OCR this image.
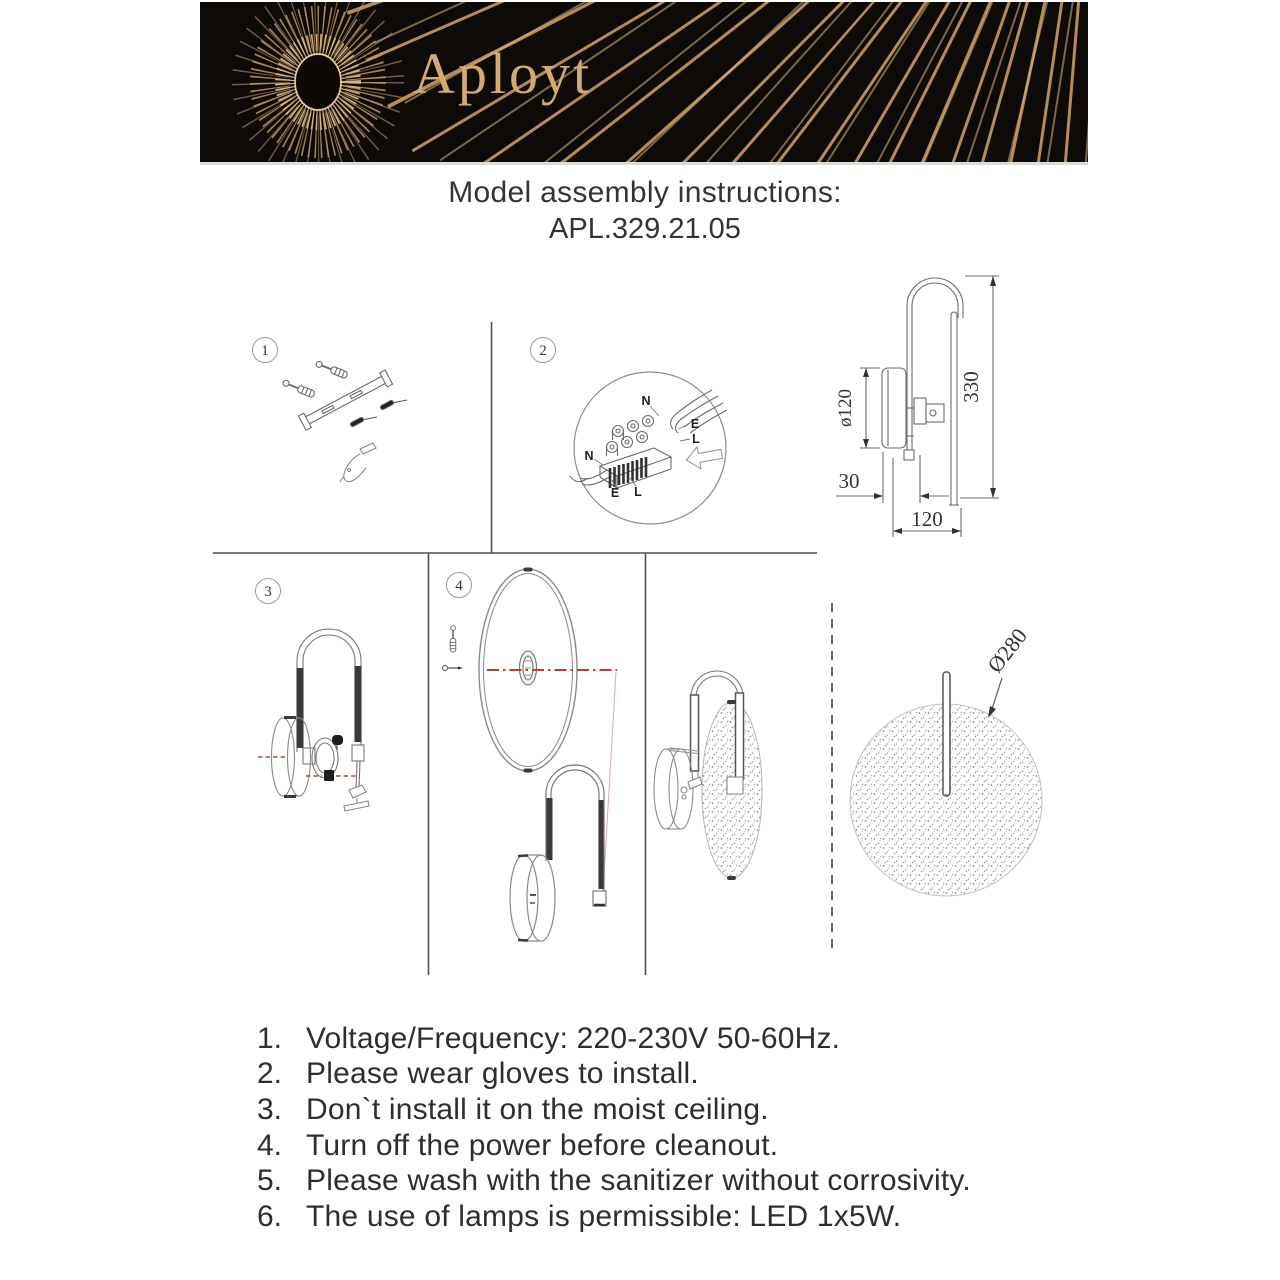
Aployt
Model assembly instructions:
APL.329.21.05
1	2
3	4
N
E
L
N
E L
ø120
330
30
120
Ø280
1. Voltage/Frequency: 220-230V 50-60Hz.
2. Please wear gloves to install.
3. Don`t install it on the moist ceiling.
4. Turn off the power before cleanout.
5. Please wash with the sanitizer without corrosivity.
6. The use of lamps is permissible: LED 1x5W.
